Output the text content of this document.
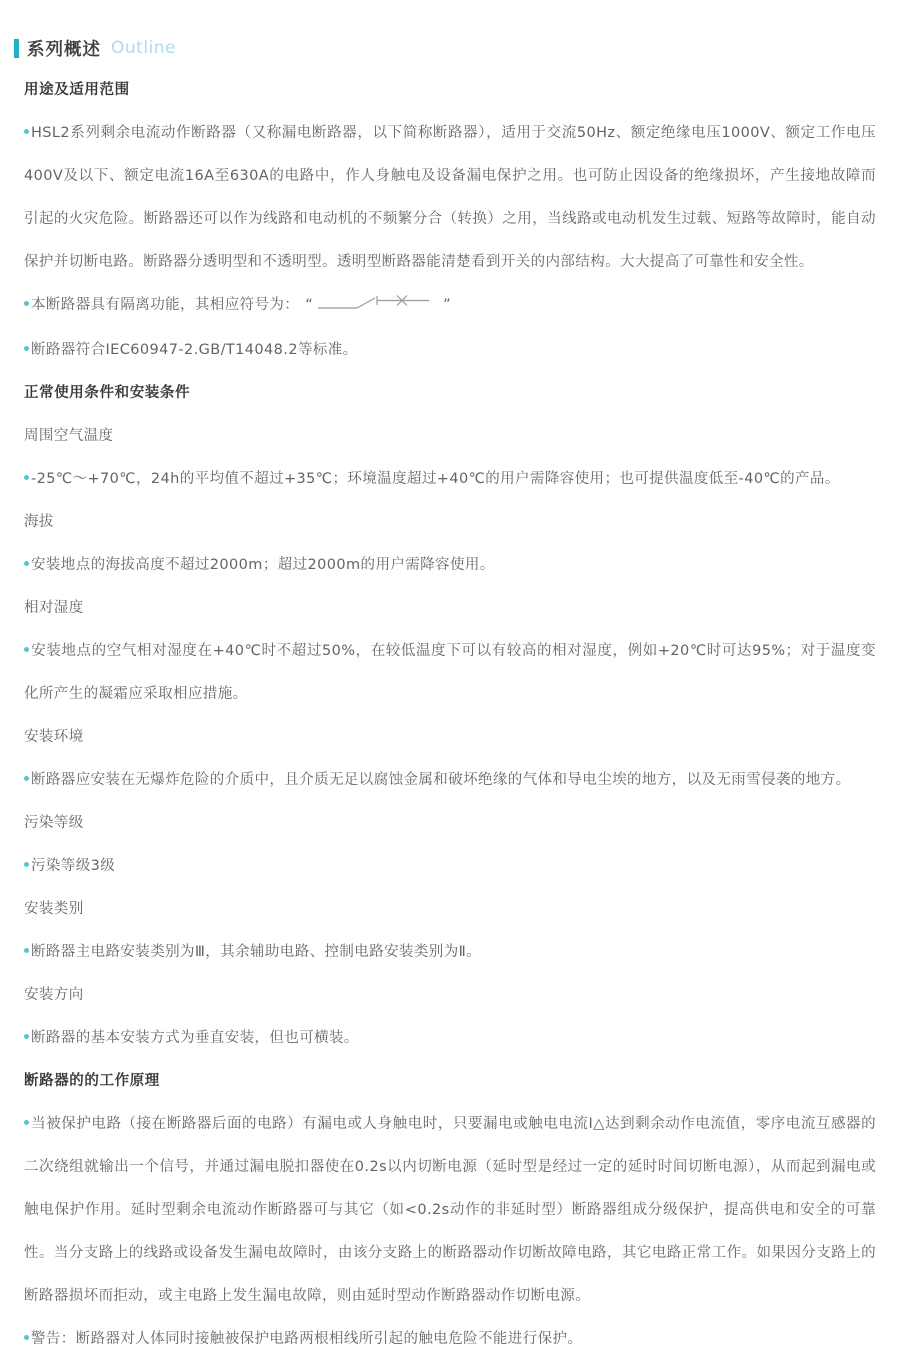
系列概述 Outline
用途及适用范围
HSL2系列剩余电流动作断路器（又称漏电断路器，以下简称断路器），适用于交流50Hz、额定绝缘电压1000V、额定工作电压400V及以下、额定电流16A至630A的电路中，作人身触电及设备漏电保护之用。也可防止因设备的绝缘损坏，产生接地故障而引起的火灾危险。断路器还可以作为线路和电动机的不频繁分合（转换）之用，当线路或电动机发生过载、短路等故障时，能自动保护并切断电路。断路器分透明型和不透明型。透明型断路器能清楚看到开关的内部结构。大大提高了可靠性和安全性。
本断路器具有隔离功能，其相应符号为： “	”
断路器符合IEC60947-2.GB/T14048.2等标准。
正常使用条件和安装条件
周围空气温度
-25℃～+70℃，24h的平均值不超过+35℃；环境温度超过+40℃的用户需降容使用；也可提供温度低至-40℃的产品。
海拔
安装地点的海拔高度不超过2000m；超过2000m的用户需降容使用。
相对湿度
安装地点的空气相对湿度在+40℃时不超过50%，在较低温度下可以有较高的相对湿度，例如+20℃时可达95%；对于温度变化所产生的凝霜应采取相应措施。
安装环境
断路器应安装在无爆炸危险的介质中，且介质无足以腐蚀金属和破坏绝缘的气体和导电尘埃的地方，以及无雨雪侵袭的地方。
污染等级
污染等级3级
安装类别
断路器主电路安装类别为Ⅲ，其余辅助电路、控制电路安装类别为Ⅱ。
安装方向
断路器的基本安装方式为垂直安装，但也可横装。
断路器的的工作原理
当被保护电路（接在断路器后面的电路）有漏电或人身触电时，只要漏电或触电电流I△达到剩余动作电流值，零序电流互感器的二次绕组就输出一个信号，并通过漏电脱扣器使在0.2s以内切断电源（延时型是经过一定的延时时间切断电源），从而起到漏电或触电保护作用。延时型剩余电流动作断路器可与其它（如<0.2s动作的非延时型）断路器组成分级保护，提高供电和安全的可靠性。当分支路上的线路或设备发生漏电故障时，由该分支路上的断路器动作切断故障电路，其它电路正常工作。如果因分支路上的断路器损坏而拒动，或主电路上发生漏电故障，则由延时型动作断路器动作切断电源。
警告：断路器对人体同时接触被保护电路两根相线所引起的触电危险不能进行保护。
